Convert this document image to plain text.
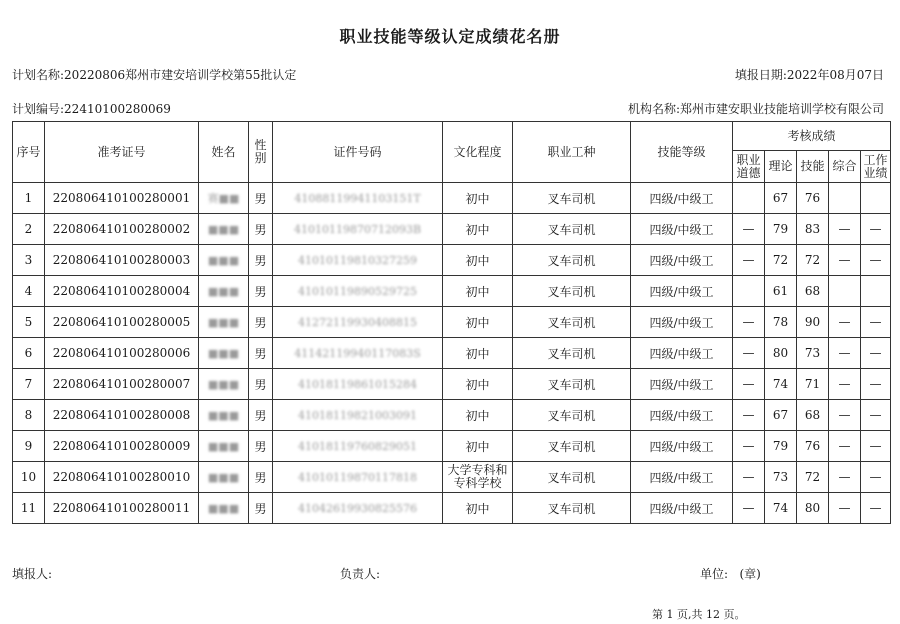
职业技能等级认定成绩花名册
计划名称:20220806郑州市建安培训学校第55批认定	填报日期:2022年08月07日
计划编号:22410100280069	机构名称:郑州市建安职业技能培训学校有限公司
序号	准考证号	姓名	性别	证件号码	文化程度	职业工种	技能等级	考核成绩				
								职业道德	理论	技能	综合	工作业绩
1	220806410100280001	赛■■	男	41088119941103151T	初中	叉车司机	四级/中级工		67	76		
2	220806410100280002	■■■	男	41010119870712093B	初中	叉车司机	四级/中级工	—	79	83	—	—
3	220806410100280003	■■■	男	41010119810327259	初中	叉车司机	四级/中级工	—	72	72	—	—
4	220806410100280004	■■■	男	41010119890529725	初中	叉车司机	四级/中级工		61	68		
5	220806410100280005	■■■	男	41272119930408815	初中	叉车司机	四级/中级工	—	78	90	—	—
6	220806410100280006	■■■	男	41142119940117083S	初中	叉车司机	四级/中级工	—	80	73	—	—
7	220806410100280007	■■■	男	41018119861015284	初中	叉车司机	四级/中级工	—	74	71	—	—
8	220806410100280008	■■■	男	41018119821003091	初中	叉车司机	四级/中级工	—	67	68	—	—
9	220806410100280009	■■■	男	41018119760829051	初中	叉车司机	四级/中级工	—	79	76	—	—
10	220806410100280010	■■■	男	41010119870117818	大学专科和专科学校	叉车司机	四级/中级工	—	73	72	—	—
11	220806410100280011	■■■	男	41042619930825576	初中	叉车司机	四级/中级工	—	74	80	—	—
填报人:	负责人:	单位: (章)
第 1 页,共 12 页。
